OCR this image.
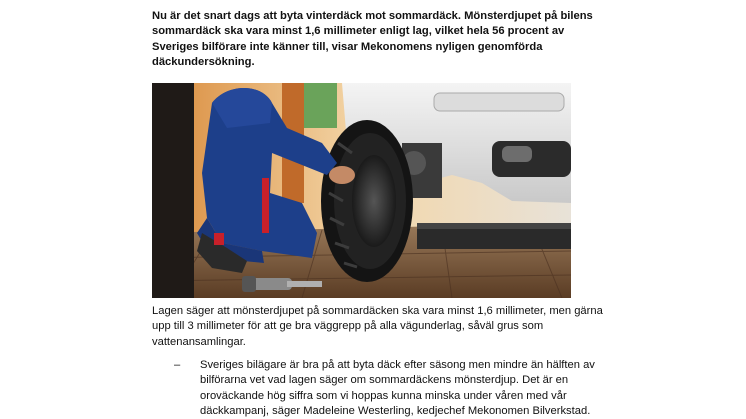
Nu är det snart dags att byta vinterdäck mot sommardäck. Mönsterdjupet på bilens sommardäck ska vara minst 1,6 millimeter enligt lag, vilket hela 56 procent av Sveriges bilförare inte känner till, visar Mekonomens nyligen genomförda däckundersökning.
Lagen säger att mönsterdjupet på sommardäcken ska vara minst 1,6 millimeter, men gärna upp till 3 millimeter för att ge bra väggrepp på alla vägunderlag, såväl grus som vattenansamlingar.
– Sveriges bilägare är bra på att byta däck efter säsong men mindre än hälften av bilförarna vet vad lagen säger om sommardäckens mönsterdjup. Det är en oroväckande hög siffra som vi hoppas kunna minska under våren med vår däckkampanj, säger Madeleine Westerling, kedjechef Mekonomen Bilverkstad.
